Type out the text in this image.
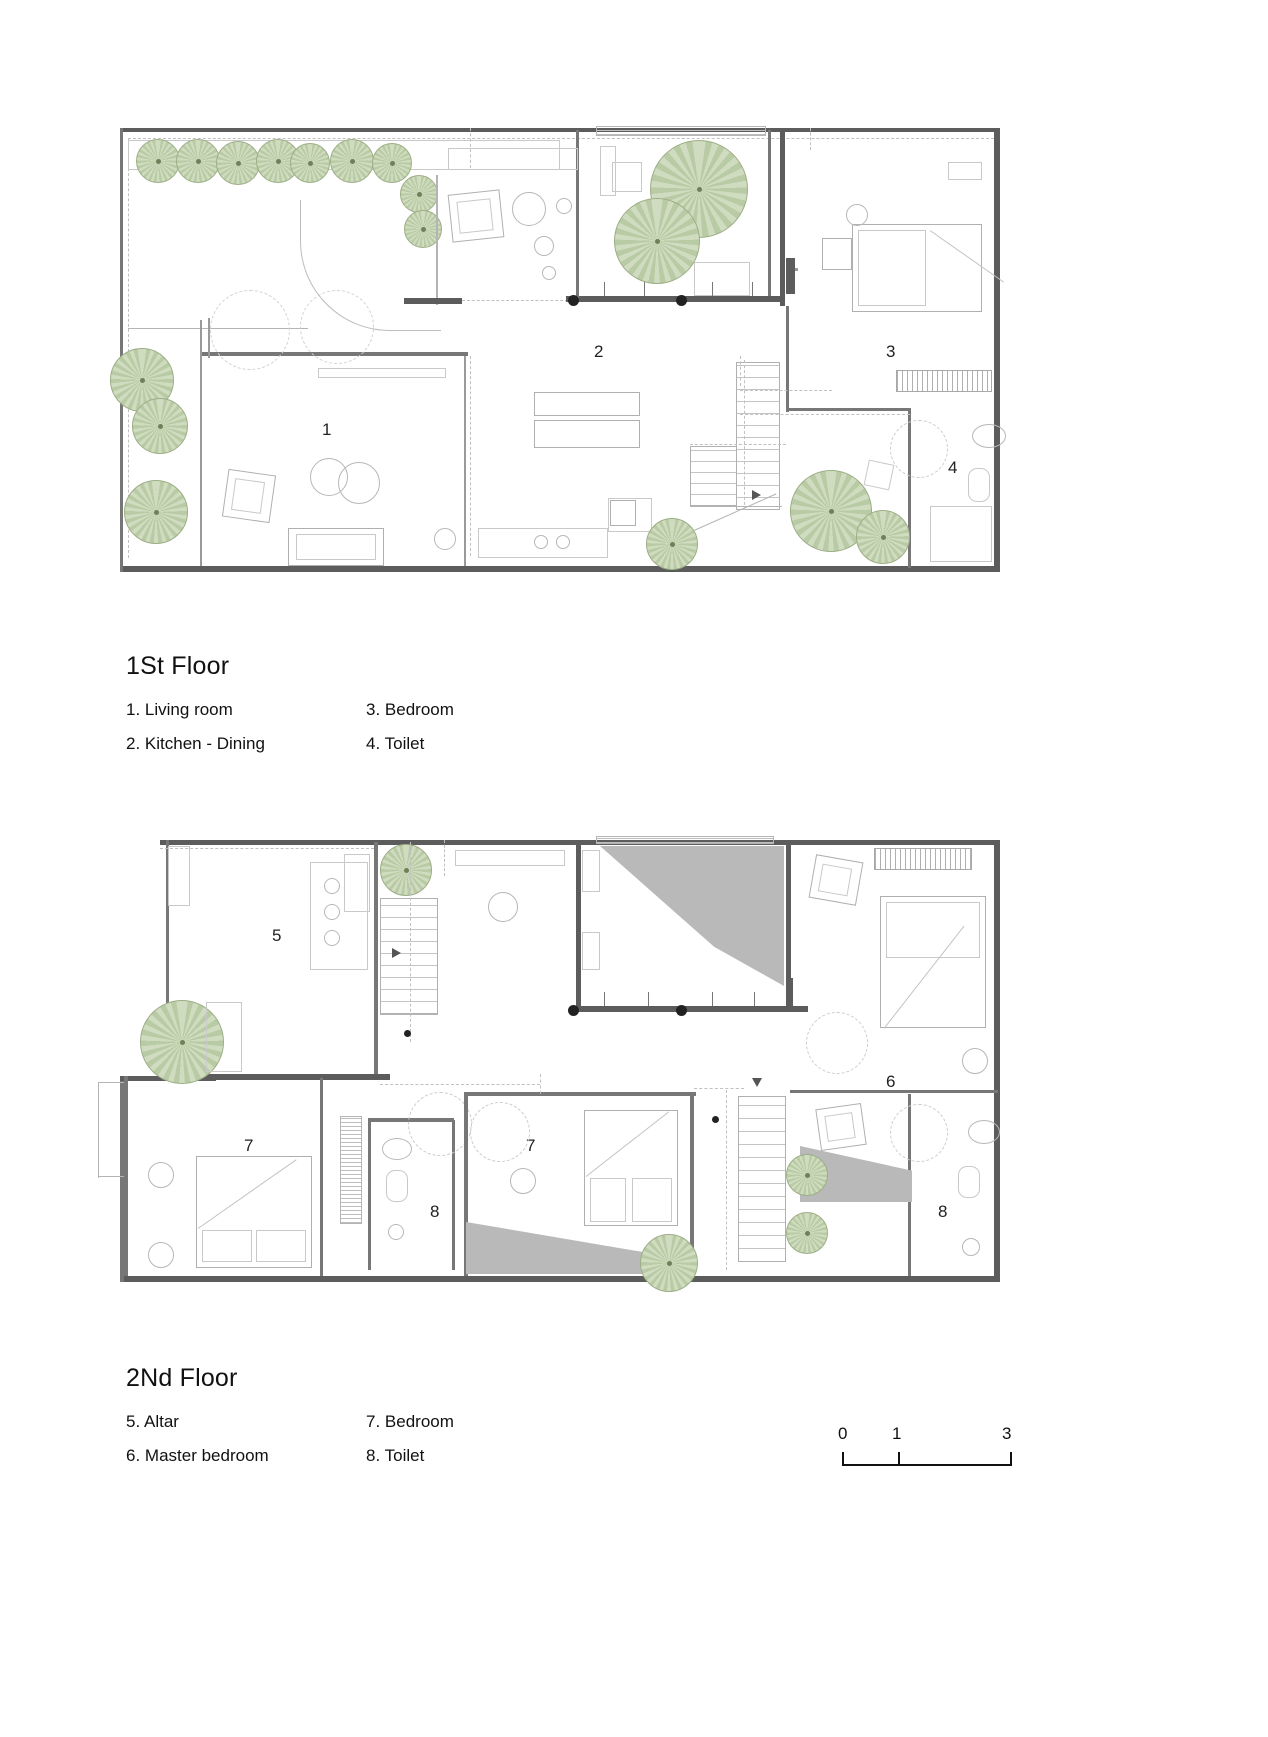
1
2	3
4
1St Floor
1. Living room
2. Kitchen - Dining
3. Bedroom
4. Toilet
5
6
7
8
7
8
2Nd Floor
5. Altar
6. Master bedroom
7. Bedroom
8. Toilet
0	1	3
